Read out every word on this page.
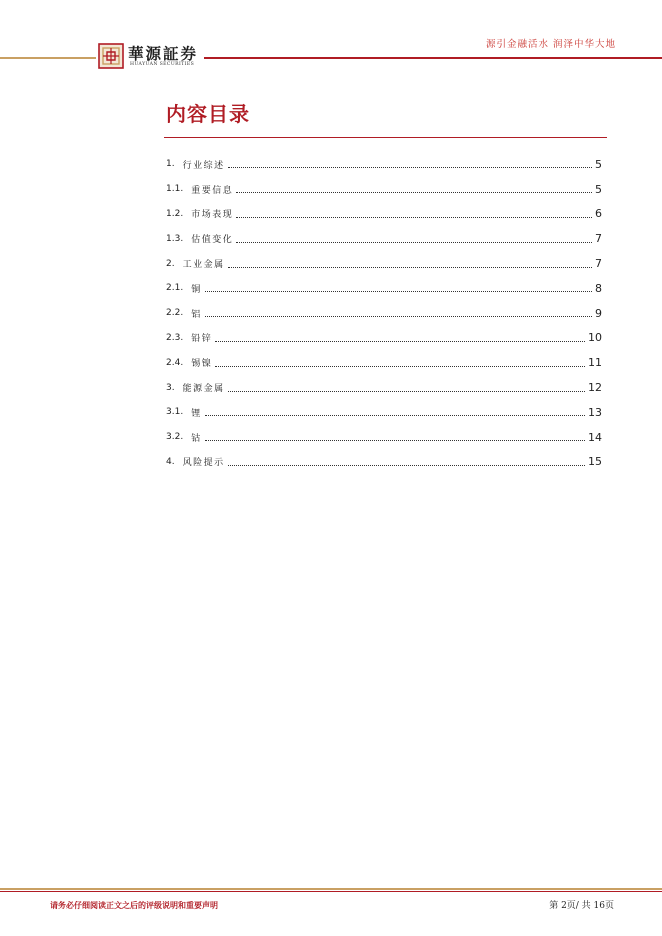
華源証券
HUAYUAN SECURITIES
源引金融活水 润泽中华大地
内容目录
1. 行业综述	5
1.1. 重要信息	5
1.2. 市场表现	6
1.3. 估值变化	7
2. 工业金属	7
2.1. 铜	8
2.2. 铝	9
2.3. 铅锌	10
2.4. 锡镍	11
3. 能源金属	12
3.1. 锂	13
3.2. 钴	14
4. 风险提示	15
请务必仔细阅读正文之后的评级说明和重要声明	第 2页/ 共 16页
